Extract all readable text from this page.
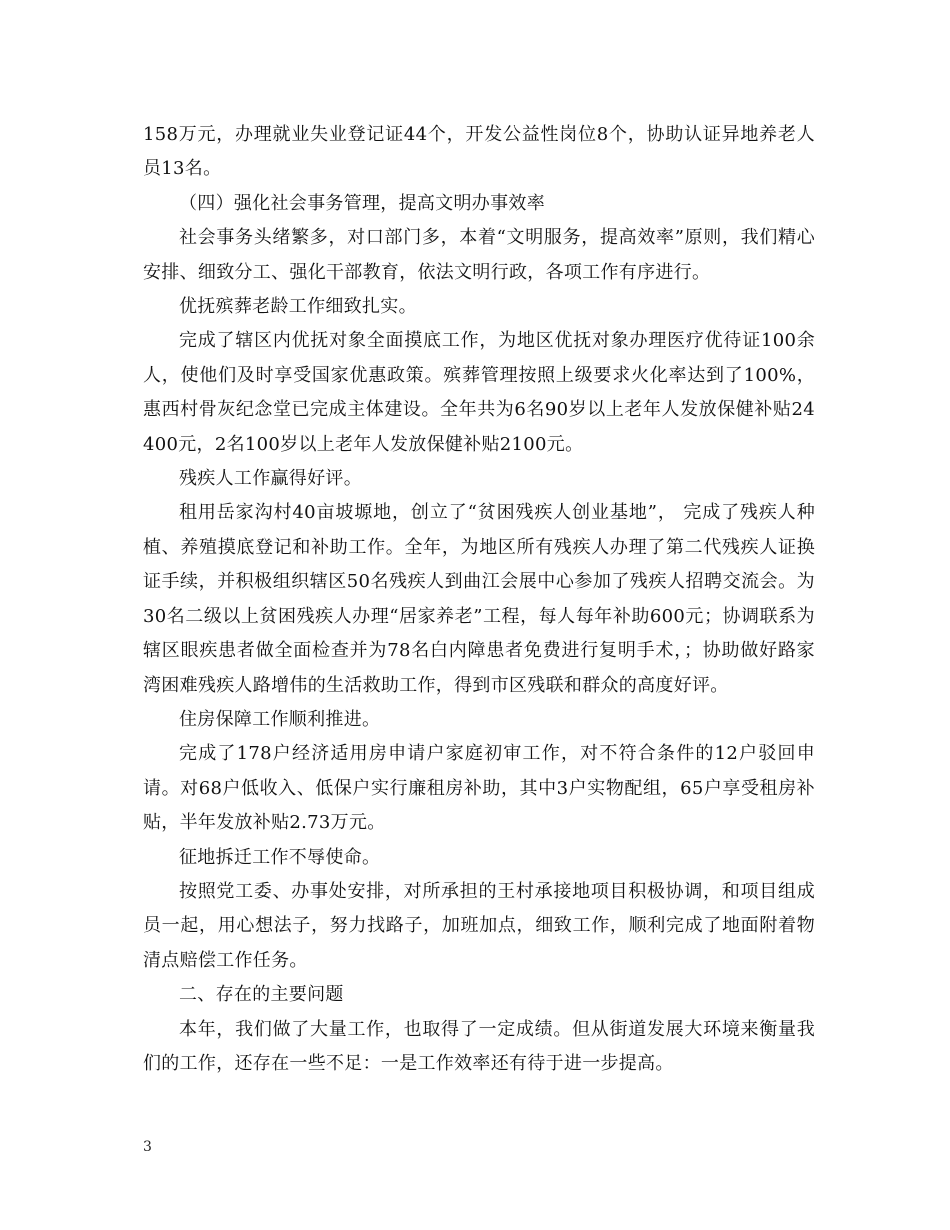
158万元，办理就业失业登记证44个，开发公益性岗位8个，协助认证异地养老人员13名。

（四）强化社会事务管理，提高文明办事效率

社会事务头绪繁多，对口部门多，本着“文明服务，提高效率”原则，我们精心安排、细致分工、强化干部教育，依法文明行政，各项工作有序进行。

优抚殡葬老龄工作细致扎实。

完成了辖区内优抚对象全面摸底工作，为地区优抚对象办理医疗优待证100余人，使他们及时享受国家优惠政策。殡葬管理按照上级要求火化率达到了100%，惠西村骨灰纪念堂已完成主体建设。全年共为6名90岁以上老年人发放保健补贴24400元，2名100岁以上老年人发放保健补贴2100元。

残疾人工作赢得好评。

租用岳家沟村40亩坡塬地，创立了“贫困残疾人创业基地”， 完成了残疾人种植、养殖摸底登记和补助工作。全年，为地区所有残疾人办理了第二代残疾人证换证手续，并积极组织辖区50名残疾人到曲江会展中心参加了残疾人招聘交流会。为30名二级以上贫困残疾人办理“居家养老”工程，每人每年补助600元；协调联系为辖区眼疾患者做全面检查并为78名白内障患者免费进行复明手术，；协助做好路家湾困难残疾人路增伟的生活救助工作，得到市区残联和群众的高度好评。

住房保障工作顺利推进。

完成了178户经济适用房申请户家庭初审工作，对不符合条件的12户驳回申请。对68户低收入、低保户实行廉租房补助，其中3户实物配组，65户享受租房补贴，半年发放补贴2.73万元。

征地拆迁工作不辱使命。

按照党工委、办事处安排，对所承担的王村承接地项目积极协调，和项目组成员一起，用心想法子，努力找路子，加班加点，细致工作，顺利完成了地面附着物清点赔偿工作任务。

二、存在的主要问题

本年，我们做了大量工作，也取得了一定成绩。但从街道发展大环境来衡量我们的工作，还存在一些不足：一是工作效率还有待于进一步提高。

3
